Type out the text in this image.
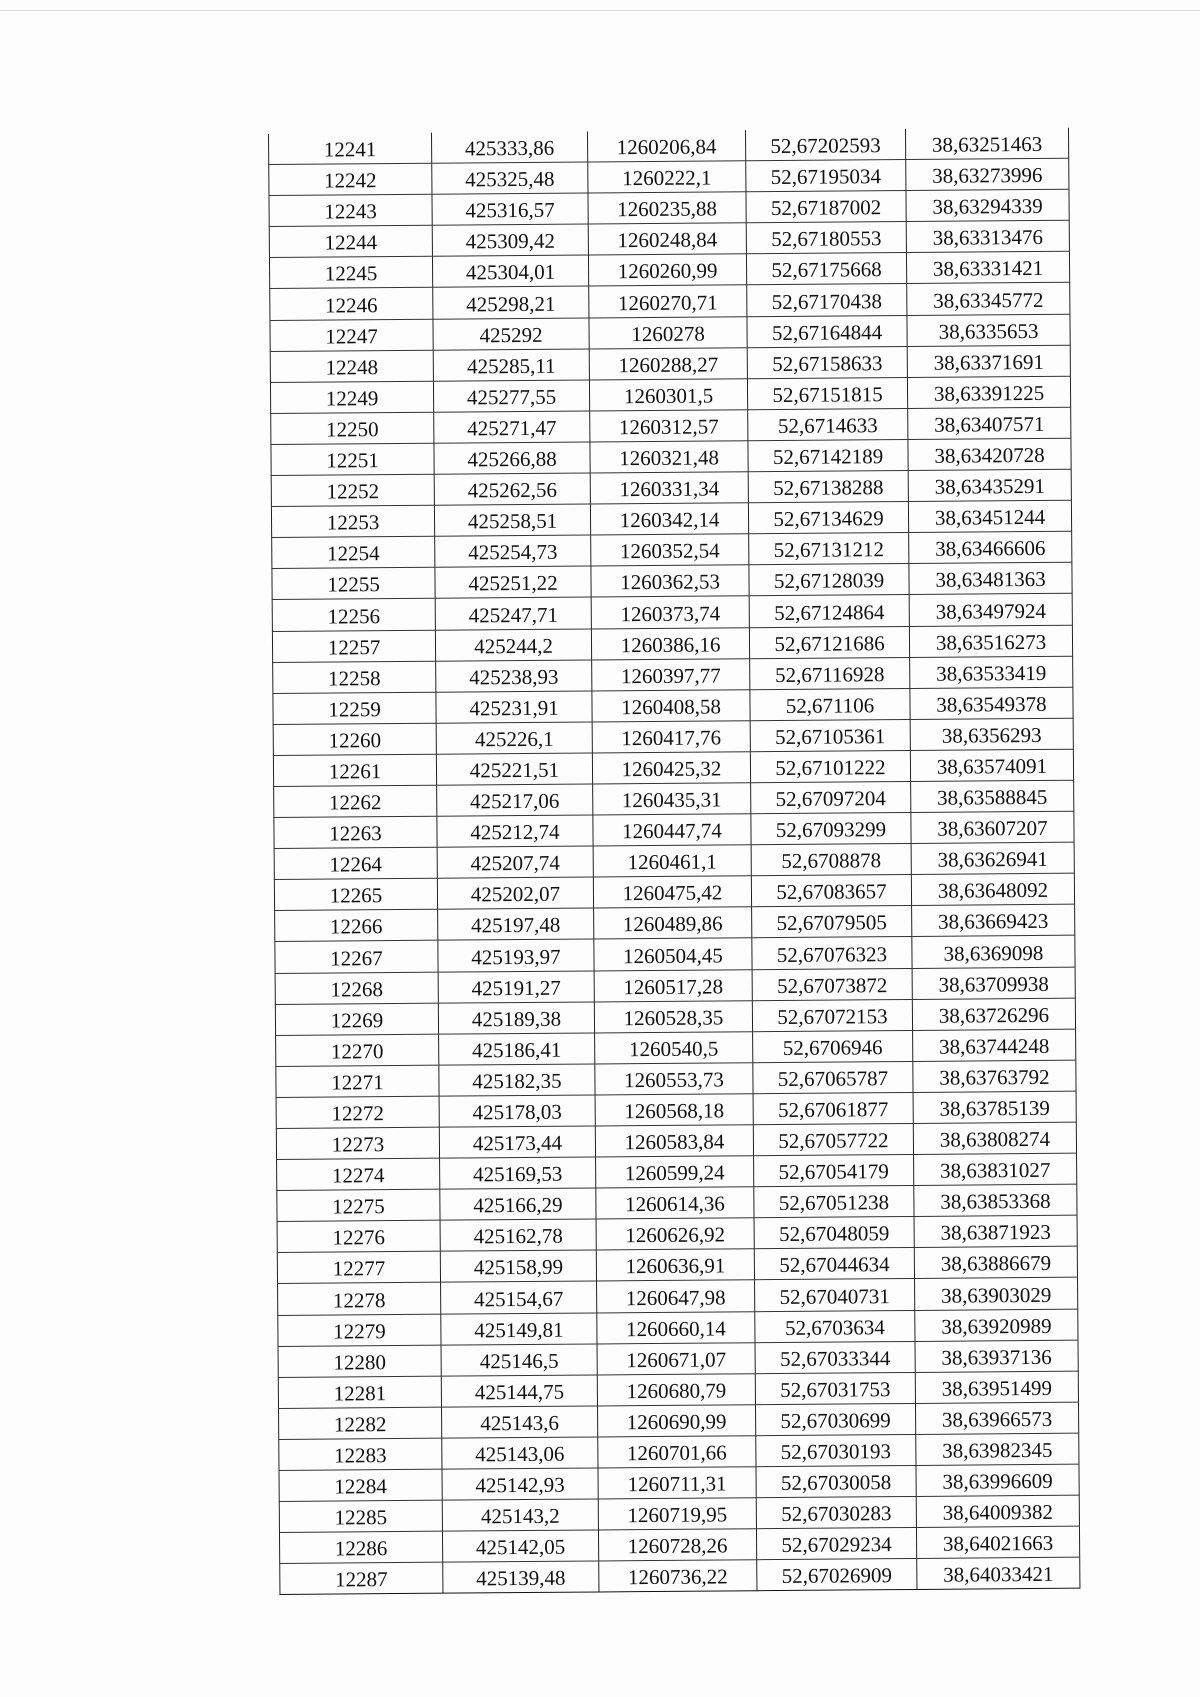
12241	425333,86	1260206,84	52,67202593	38,63251463
12242	425325,48	1260222,1	52,67195034	38,63273996
12243	425316,57	1260235,88	52,67187002	38,63294339
12244	425309,42	1260248,84	52,67180553	38,63313476
12245	425304,01	1260260,99	52,67175668	38,63331421
12246	425298,21	1260270,71	52,67170438	38,63345772
12247	425292	1260278	52,67164844	38,6335653
12248	425285,11	1260288,27	52,67158633	38,63371691
12249	425277,55	1260301,5	52,67151815	38,63391225
12250	425271,47	1260312,57	52,6714633	38,63407571
12251	425266,88	1260321,48	52,67142189	38,63420728
12252	425262,56	1260331,34	52,67138288	38,63435291
12253	425258,51	1260342,14	52,67134629	38,63451244
12254	425254,73	1260352,54	52,67131212	38,63466606
12255	425251,22	1260362,53	52,67128039	38,63481363
12256	425247,71	1260373,74	52,67124864	38,63497924
12257	425244,2	1260386,16	52,67121686	38,63516273
12258	425238,93	1260397,77	52,67116928	38,63533419
12259	425231,91	1260408,58	52,671106	38,63549378
12260	425226,1	1260417,76	52,67105361	38,6356293
12261	425221,51	1260425,32	52,67101222	38,63574091
12262	425217,06	1260435,31	52,67097204	38,63588845
12263	425212,74	1260447,74	52,67093299	38,63607207
12264	425207,74	1260461,1	52,6708878	38,63626941
12265	425202,07	1260475,42	52,67083657	38,63648092
12266	425197,48	1260489,86	52,67079505	38,63669423
12267	425193,97	1260504,45	52,67076323	38,6369098
12268	425191,27	1260517,28	52,67073872	38,63709938
12269	425189,38	1260528,35	52,67072153	38,63726296
12270	425186,41	1260540,5	52,6706946	38,63744248
12271	425182,35	1260553,73	52,67065787	38,63763792
12272	425178,03	1260568,18	52,67061877	38,63785139
12273	425173,44	1260583,84	52,67057722	38,63808274
12274	425169,53	1260599,24	52,67054179	38,63831027
12275	425166,29	1260614,36	52,67051238	38,63853368
12276	425162,78	1260626,92	52,67048059	38,63871923
12277	425158,99	1260636,91	52,67044634	38,63886679
12278	425154,67	1260647,98	52,67040731	38,63903029
12279	425149,81	1260660,14	52,6703634	38,63920989
12280	425146,5	1260671,07	52,67033344	38,63937136
12281	425144,75	1260680,79	52,67031753	38,63951499
12282	425143,6	1260690,99	52,67030699	38,63966573
12283	425143,06	1260701,66	52,67030193	38,63982345
12284	425142,93	1260711,31	52,67030058	38,63996609
12285	425143,2	1260719,95	52,67030283	38,64009382
12286	425142,05	1260728,26	52,67029234	38,64021663
12287	425139,48	1260736,22	52,67026909	38,64033421
